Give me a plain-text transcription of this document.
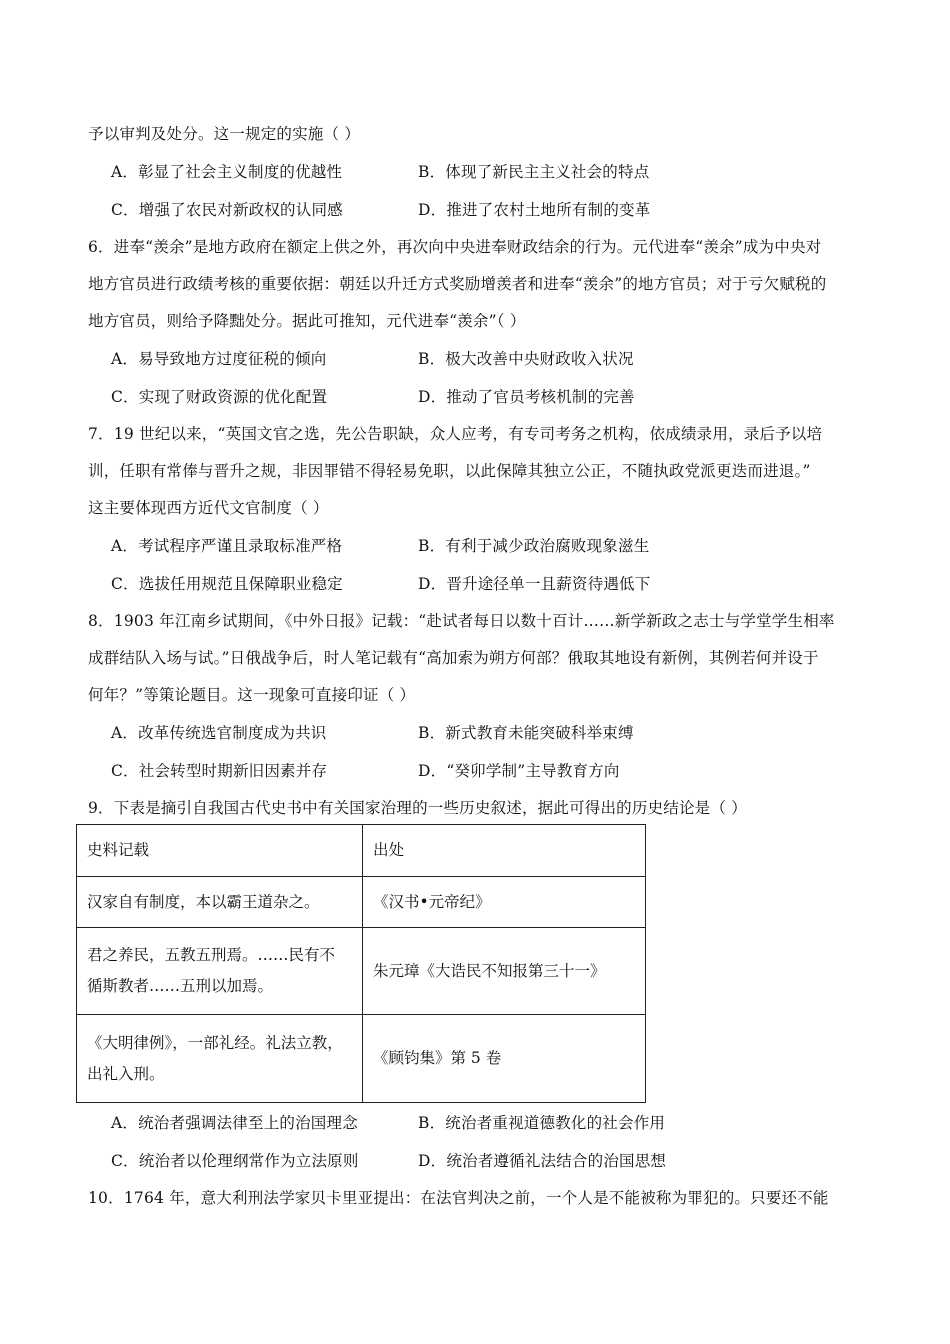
予以审判及处分。这一规定的实施（ ）
A．彰显了社会主义制度的优越性	B．体现了新民主主义社会的特点
C．增强了农民对新政权的认同感	D．推进了农村土地所有制的变革
6．进奉“羡余”是地方政府在额定上供之外，再次向中央进奉财政结余的行为。元代进奉“羡余”成为中央对
地方官员进行政绩考核的重要依据：朝廷以升迁方式奖励增羡者和进奉“羡余”的地方官员；对于亏欠赋税的
地方官员，则给予降黜处分。据此可推知，元代进奉“羡余”（ ）
A．易导致地方过度征税的倾向	B．极大改善中央财政收入状况
C．实现了财政资源的优化配置	D．推动了官员考核机制的完善
7．19 世纪以来，“英国文官之选，先公告职缺，众人应考，有专司考务之机构，依成绩录用，录后予以培
训，任职有常俸与晋升之规，非因罪错不得轻易免职，以此保障其独立公正，不随执政党派更迭而进退。”
这主要体现西方近代文官制度（ ）
A．考试程序严谨且录取标准严格	B．有利于减少政治腐败现象滋生
C．选拔任用规范且保障职业稳定	D．晋升途径单一且薪资待遇低下
8．1903 年江南乡试期间，《中外日报》记载：“赴试者每日以数十百计……新学新政之志士与学堂学生相率
成群结队入场与试。”日俄战争后，时人笔记载有“高加索为朔方何部？俄取其地设有新例，其例若何并设于
何年？”等策论题目。这一现象可直接印证（ ）
A．改革传统选官制度成为共识	B．新式教育未能突破科举束缚
C．社会转型时期新旧因素并存	D．“癸卯学制”主导教育方向
9．下表是摘引自我国古代史书中有关国家治理的一些历史叙述，据此可得出的历史结论是（ ）
史料记载	出处

汉家自有制度，本以霸王道杂之。	《汉书•元帝纪》

君之养民，五教五刑焉。……民有不
循斯教者……五刑以加焉。	朱元璋《大诰民不知报第三十一》

《大明律例》，一部礼经。礼法立教，
出礼入刑。	《顾钧集》第 5 卷
A．统治者强调法律至上的治国理念	B．统治者重视道德教化的社会作用
C．统治者以伦理纲常作为立法原则	D．统治者遵循礼法结合的治国思想
10．1764 年，意大利刑法学家贝卡里亚提出：在法官判决之前，一个人是不能被称为罪犯的。只要还不能
